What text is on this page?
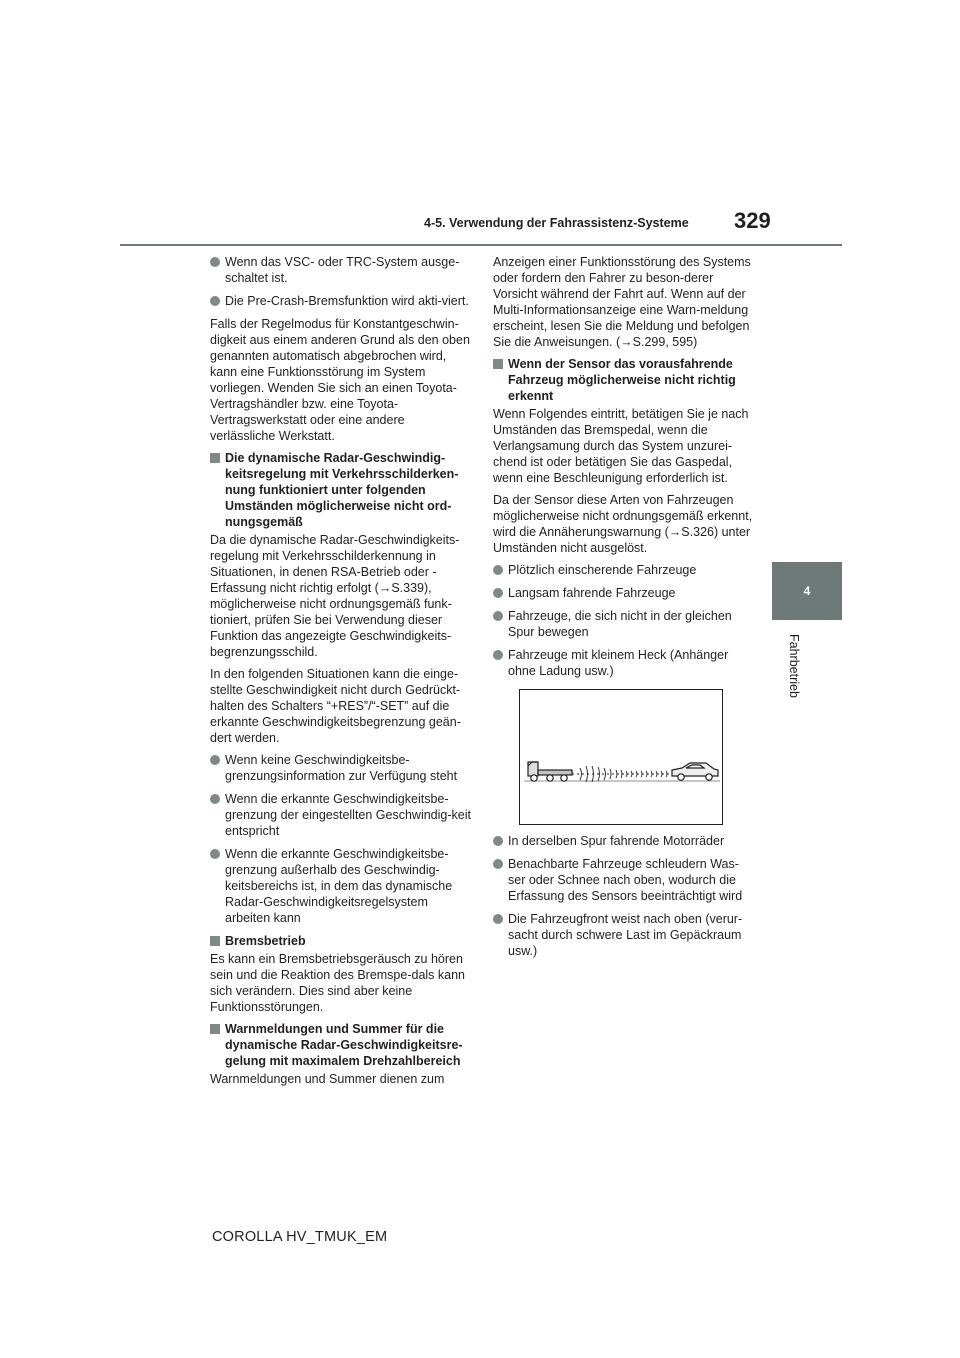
4-5. Verwendung der Fahrassistenz-Systeme 329
4
Fahrbetrieb
Wenn das VSC- oder TRC-System ausge-schaltet ist.
Die Pre-Crash-Bremsfunktion wird akti-viert.

Falls der Regelmodus für Konstantgeschwin-digkeit aus einem anderen Grund als den oben genannten automatisch abgebrochen wird, kann eine Funktionsstörung im System vorliegen. Wenden Sie sich an einen Toyota-Vertragshändler bzw. eine Toyota-Vertragswerkstatt oder eine andere verlässliche Werkstatt.

Die dynamische Radar-Geschwindig-keitsregelung mit Verkehrsschilderken-nung funktioniert unter folgenden Umständen möglicherweise nicht ord-nungsgemäß

Da die dynamische Radar-Geschwindigkeits-regelung mit Verkehrsschilderkennung in Situationen, in denen RSA-Betrieb oder -Erfassung nicht richtig erfolgt (→S.339), möglicherweise nicht ordnungsgemäß funk-tioniert, prüfen Sie bei Verwendung dieser Funktion das angezeigte Geschwindigkeits-begrenzungsschild.

In den folgenden Situationen kann die einge-stellte Geschwindigkeit nicht durch Gedrückt-halten des Schalters “+RES”/“-SET” auf die erkannte Geschwindigkeitsbegrenzung geän-dert werden.

Wenn keine Geschwindigkeitsbe-grenzungsinformation zur Verfügung steht
Wenn die erkannte Geschwindigkeitsbe-grenzung der eingestellten Geschwindig-keit entspricht
Wenn die erkannte Geschwindigkeitsbe-grenzung außerhalb des Geschwindig-keitsbereichs ist, in dem das dynamische Radar-Geschwindigkeitsregelsystem arbeiten kann
Bremsbetrieb

Es kann ein Bremsbetriebsgeräusch zu hören sein und die Reaktion des Bremspe-dals kann sich verändern. Dies sind aber keine Funktionsstörungen.

Warnmeldungen und Summer für die dynamische Radar-Geschwindigkeitsre-gelung mit maximalem Drehzahlbereich

Warnmeldungen und Summer dienen zum

Anzeigen einer Funktionsstörung des Systems oder fordern den Fahrer zu beson-derer Vorsicht während der Fahrt auf. Wenn auf der Multi-Informationsanzeige eine Warn-meldung erscheint, lesen Sie die Meldung und befolgen Sie die Anweisungen. (→S.299, 595)

Wenn der Sensor das vorausfahrende Fahrzeug möglicherweise nicht richtig erkennt

Wenn Folgendes eintritt, betätigen Sie je nach Umständen das Bremspedal, wenn die Verlangsamung durch das System unzurei-chend ist oder betätigen Sie das Gaspedal, wenn eine Beschleunigung erforderlich ist.

Da der Sensor diese Arten von Fahrzeugen möglicherweise nicht ordnungsgemäß erkennt, wird die Annäherungswarnung (→S.326) unter Umständen nicht ausgelöst.

Plötzlich einscherende Fahrzeuge
Langsam fahrende Fahrzeuge
Fahrzeuge, die sich nicht in der gleichen Spur bewegen
Fahrzeuge mit kleinem Heck (Anhänger ohne Ladung usw.)
In derselben Spur fahrende Motorräder
Benachbarte Fahrzeuge schleudern Was-ser oder Schnee nach oben, wodurch die Erfassung des Sensors beeinträchtigt wird
Die Fahrzeugfront weist nach oben (verur-sacht durch schwere Last im Gepäckraum usw.)
COROLLA HV_TMUK_EM
